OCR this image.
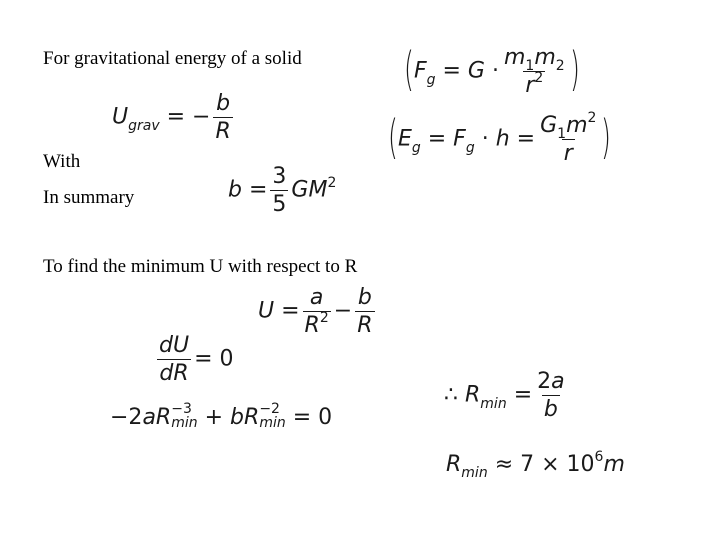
For gravitational energy of a solid
With
In summary
To find the minimum U with respect to R
($F_g = G \cdot \frac{m_1m_2}{r^2}$ )
($E_g = F_g \cdot h = \frac{G_1m^2}{r}$ )
$U_{grav}$ = − $\frac{b}{R}$
$b = \frac{3}{5} GM^2$
$U = \frac{a}{R^2} - \frac{b}{R}$
$\frac{dU}{dR} = 0$
−2aR −3
min + bR −2
min = 0
∴ $R_{min} = \frac{2a}{b}$
$R_{min} \approx 7 \times 10^6m$
